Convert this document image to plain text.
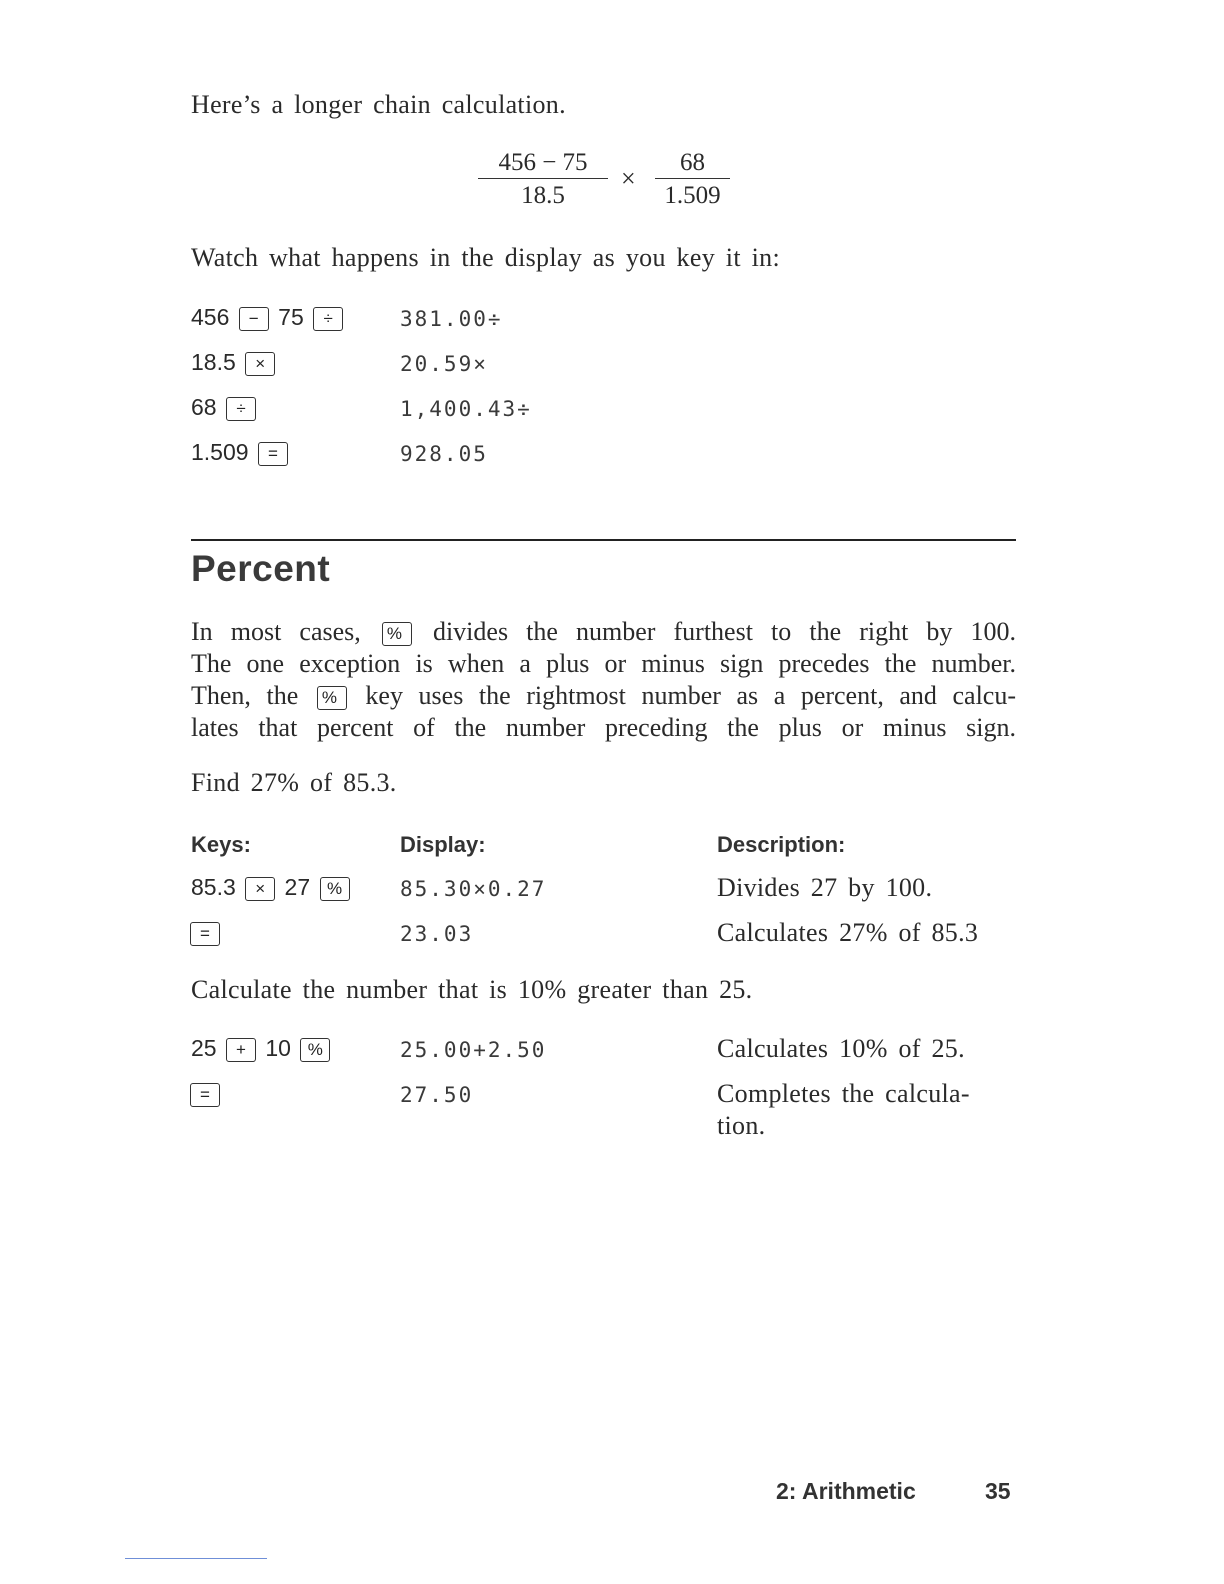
Here’s a longer chain calculation.
$\frac{456 - 75}{18.5} \times \frac{68}{1.509}$
Watch what happens in the display as you key it in:
456 − 75 ÷	381.00÷
18.5 ×	20.59×
68 ÷	1,400.43÷
1.509 =	928.05
Percent
In most cases, % divides the number furthest to the right by 100.
The one exception is when a plus or minus sign precedes the number.
Then, the % key uses the rightmost number as a percent, and calcu-
lates that percent of the number preceding the plus or minus sign.
Find 27% of 85.3.
Keys:	Display:	Description:
85.3 × 27 %	85.30×0.27	Divides 27 by 100.
=	23.03	Calculates 27% of 85.3
Calculate the number that is 10% greater than 25.
25 + 10 %	25.00+2.50	Calculates 10% of 25.
=	27.50	Completes the calcula-
tion.
2: Arithmetic	35
